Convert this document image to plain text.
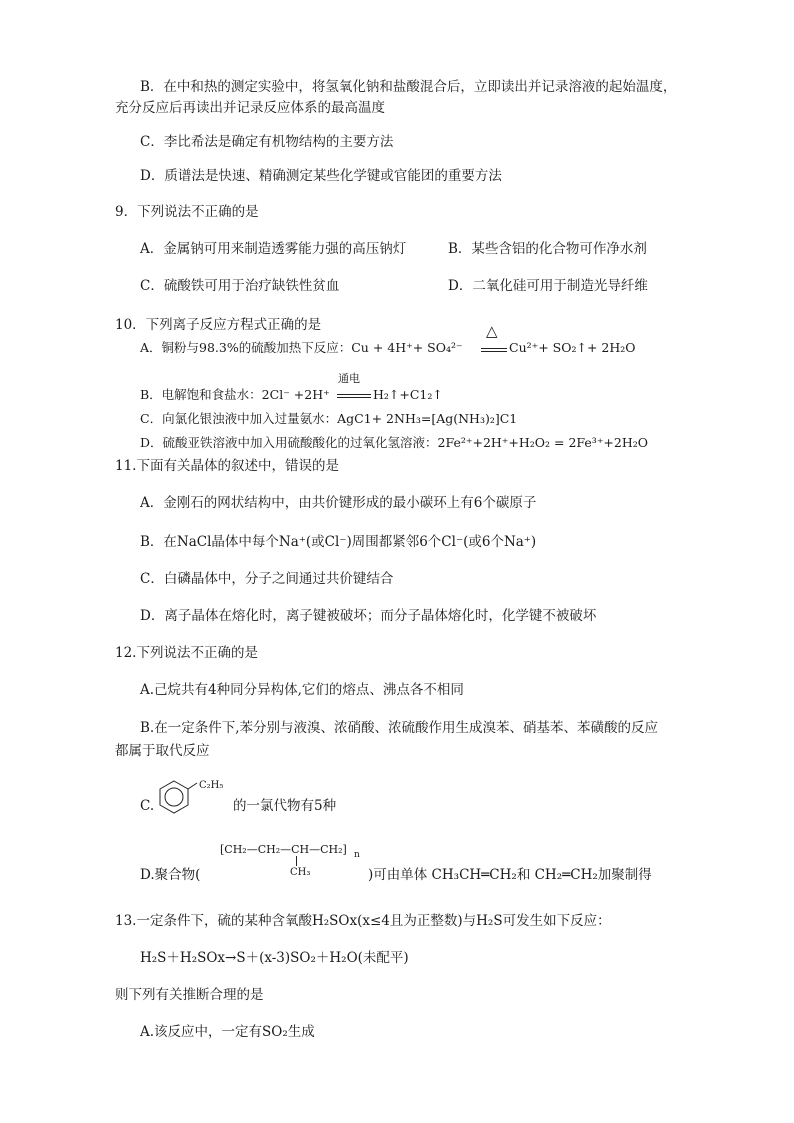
B．在中和热的测定实验中，将氢氧化钠和盐酸混合后，立即读出并记录溶液的起始温度，
充分反应后再读出并记录反应体系的最高温度
C．李比希法是确定有机物结构的主要方法
D．质谱法是快速、精确测定某些化学键或官能团的重要方法
9．下列说法不正确的是
A．金属钠可用来制造透雾能力强的高压钠灯	B．某些含铝的化合物可作净水剂
C．硫酸铁可用于治疗缺铁性贫血	D．二氧化硅可用于制造光导纤维
10．下列离子反应方程式正确的是
A．铜粉与98.3%的硫酸加热下反应：Cu + 4H⁺+ SO₄²⁻
△
Cu²⁺+ SO₂↑+ 2H₂O
通电
B．电解饱和食盐水：2Cl⁻ +2H⁺	H₂↑+C1₂↑
C．向氯化银浊液中加入过量氨水：AgC1+ 2NH₃=[Ag(NH₃)₂]C1
D．硫酸亚铁溶液中加入用硫酸酸化的过氧化氢溶液：2Fe²⁺+2H⁺+H₂O₂ = 2Fe³⁺+2H₂O
11.下面有关晶体的叙述中，错误的是
A．金刚石的网状结构中，由共价键形成的最小碳环上有6个碳原子
B．在NaCl晶体中每个Na⁺(或Cl⁻)周围都紧邻6个Cl⁻(或6个Na⁺)
C．白磷晶体中，分子之间通过共价键结合
D．离子晶体在熔化时，离子键被破坏；而分子晶体熔化时，化学键不被破坏
12.下列说法不正确的是
A.己烷共有4种同分异构体,它们的熔点、沸点各不相同
B.在一定条件下,苯分别与液溴、浓硝酸、浓硫酸作用生成溴苯、硝基苯、苯磺酸的反应
都属于取代反应
C.
C₂H₅
的一氯代物有5种
[CH₂—CH₂—CH—CH₂] n
CH₃
D.聚合物(	)可由单体 CH₃CH═CH₂和 CH₂═CH₂加聚制得
13.一定条件下，硫的某种含氧酸H₂SOx(x≤4且为正整数)与H₂S可发生如下反应：
H₂S＋H₂SOx→S＋(x-3)SO₂＋H₂O(未配平)
则下列有关推断合理的是
A.该反应中，一定有SO₂生成
